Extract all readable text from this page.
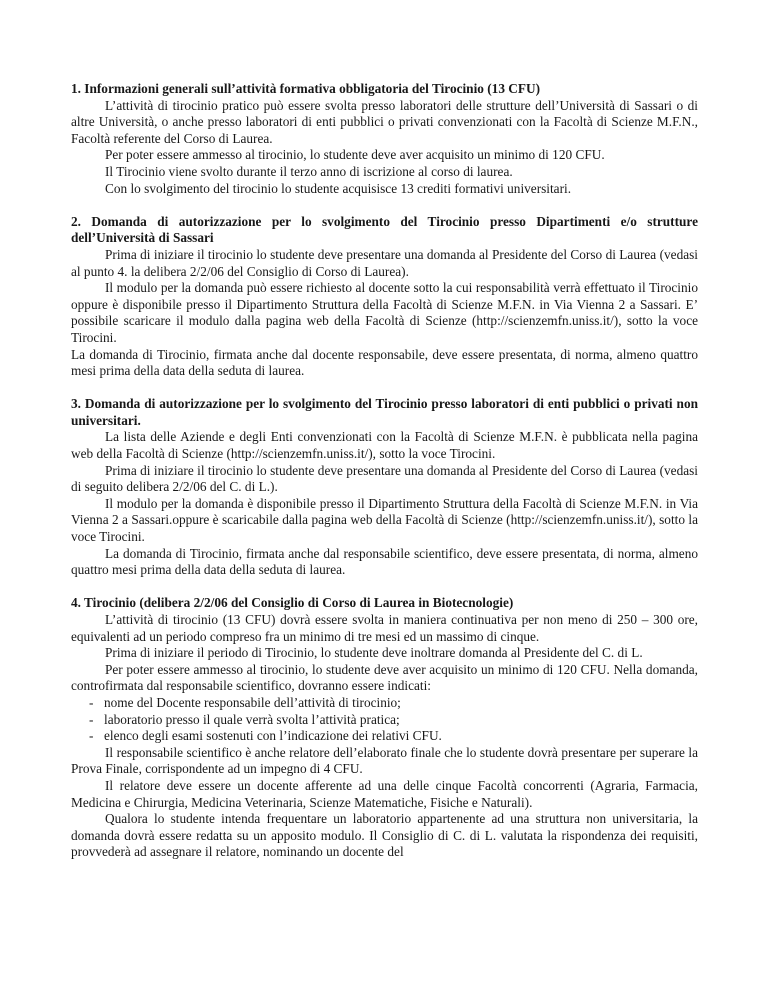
1. Informazioni generali sull’attività formativa obbligatoria del Tirocinio (13 CFU)

L’attività di tirocinio pratico può essere svolta presso laboratori delle strutture dell’Università di Sassari o di altre Università, o anche presso laboratori di enti pubblici o privati convenzionati con la Facoltà di Scienze M.F.N., Facoltà referente del Corso di Laurea.

Per poter essere ammesso al tirocinio, lo studente deve aver acquisito un minimo di 120 CFU.

Il Tirocinio viene svolto durante il terzo anno di iscrizione al corso di laurea.

Con lo svolgimento del tirocinio lo studente acquisisce 13 crediti formativi universitari.

2. Domanda di autorizzazione per lo svolgimento del Tirocinio presso Dipartimenti e/o strutture dell’Università di Sassari

Prima di iniziare il tirocinio lo studente deve presentare una domanda al Presidente del Corso di Laurea (vedasi al punto 4. la delibera 2/2/06 del Consiglio di Corso di Laurea).

Il modulo per la domanda può essere richiesto al docente sotto la cui responsabilità verrà effettuato il Tirocinio oppure è disponibile presso il Dipartimento Struttura della Facoltà di Scienze M.F.N. in Via Vienna 2 a Sassari. E’ possibile scaricare il modulo dalla pagina web della Facoltà di Scienze (http://scienzemfn.uniss.it/), sotto la voce Tirocini.

La domanda di Tirocinio, firmata anche dal docente responsabile, deve essere presentata, di norma, almeno quattro mesi prima della data della seduta di laurea.

3. Domanda di autorizzazione per lo svolgimento del Tirocinio presso laboratori di enti pubblici o privati non universitari.

La lista delle Aziende e degli Enti convenzionati con la Facoltà di Scienze M.F.N. è pubblicata nella pagina web della Facoltà di Scienze (http://scienzemfn.uniss.it/), sotto la voce Tirocini.

Prima di iniziare il tirocinio lo studente deve presentare una domanda al Presidente del Corso di Laurea (vedasi di seguito delibera 2/2/06 del C. di L.).

Il modulo per la domanda è disponibile presso il Dipartimento Struttura della Facoltà di Scienze M.F.N. in Via Vienna 2 a Sassari.oppure è scaricabile dalla pagina web della Facoltà di Scienze (http://scienzemfn.uniss.it/), sotto la voce Tirocini.

La domanda di Tirocinio, firmata anche dal responsabile scientifico, deve essere presentata, di norma, almeno quattro mesi prima della data della seduta di laurea.

4. Tirocinio (delibera 2/2/06 del Consiglio di Corso di Laurea in Biotecnologie)

L’attività di tirocinio (13 CFU) dovrà essere svolta in maniera continuativa per non meno di 250 – 300 ore, equivalenti ad un periodo compreso fra un minimo di tre mesi ed un massimo di cinque.

Prima di iniziare il periodo di Tirocinio, lo studente deve inoltrare domanda al Presidente del C. di L.

Per poter essere ammesso al tirocinio, lo studente deve aver acquisito un minimo di 120 CFU. Nella domanda, controfirmata dal responsabile scientifico, dovranno essere indicati:

- nome del Docente responsabile dell’attività di tirocinio;
- laboratorio presso il quale verrà svolta l’attività pratica;
- elenco degli esami sostenuti con l’indicazione dei relativi CFU.

Il responsabile scientifico è anche relatore dell’elaborato finale che lo studente dovrà presentare per superare la Prova Finale, corrispondente ad un impegno di 4 CFU.

Il relatore deve essere un docente afferente ad una delle cinque Facoltà concorrenti (Agraria, Farmacia, Medicina e Chirurgia, Medicina Veterinaria, Scienze Matematiche, Fisiche e Naturali).

Qualora lo studente intenda frequentare un laboratorio appartenente ad una struttura non universitaria, la domanda dovrà essere redatta su un apposito modulo. Il Consiglio di C. di L. valutata la rispondenza dei requisiti, provvederà ad assegnare il relatore, nominando un docente del
